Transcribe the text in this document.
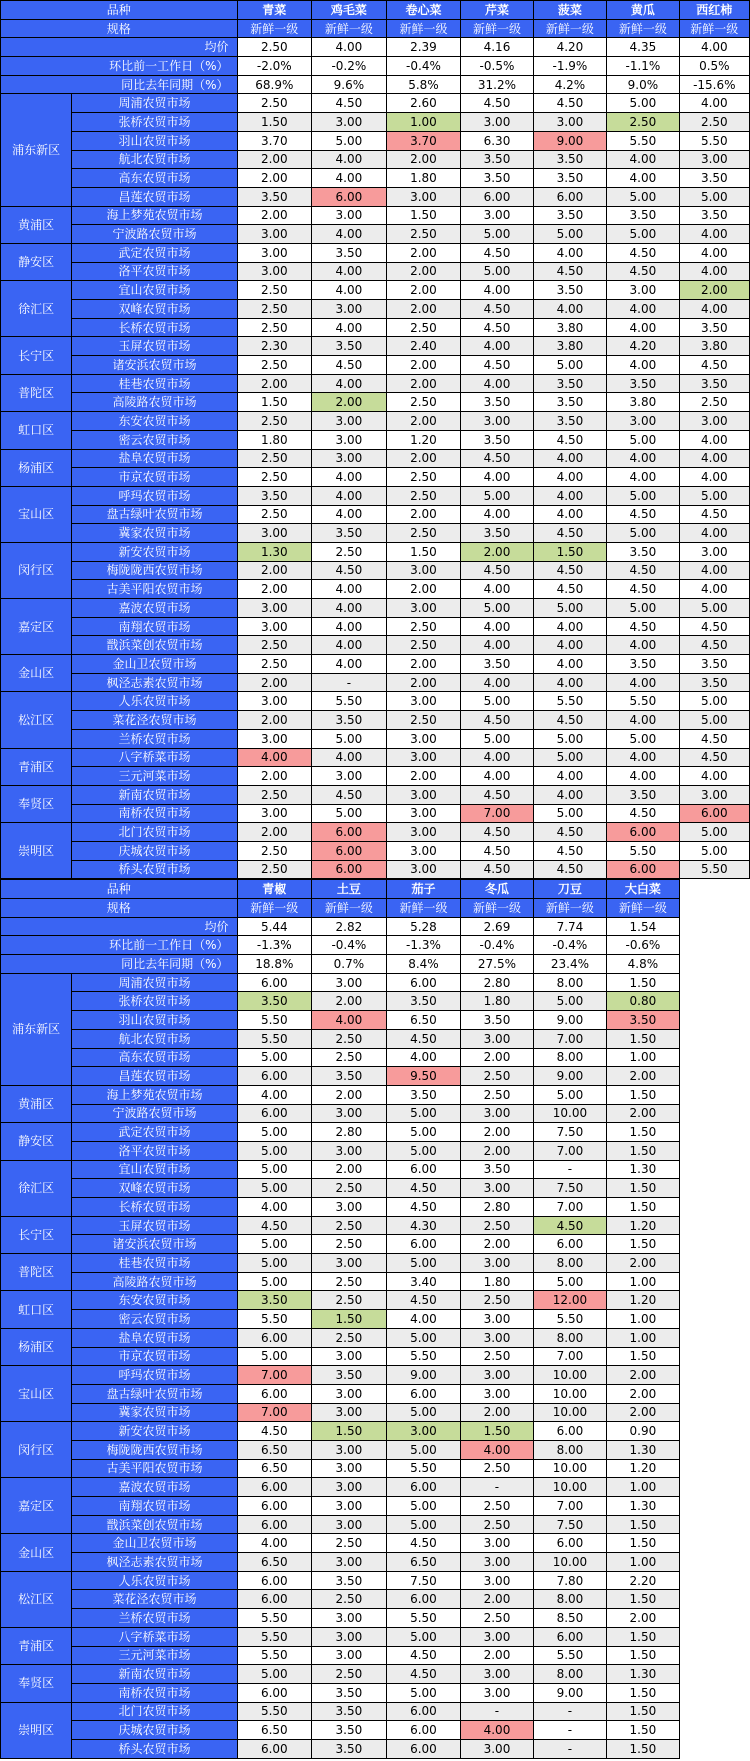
品种		青菜	鸡毛菜	卷心菜	芹菜	菠菜	黄瓜	西红柿
规格		新鲜一级	新鲜一级	新鲜一级	新鲜一级	新鲜一级	新鲜一级	新鲜一级
均价		2.50	4.00	2.39	4.16	4.20	4.35	4.00
环比前一工作日（%）		-2.0%	-0.2%	-0.4%	-0.5%	-1.9%	-1.1%	0.5%
同比去年同期（%）		68.9%	9.6%	5.8%	31.2%	4.2%	9.0%	-15.6%
浦东新区	周浦农贸市场	2.50	4.50	2.60	4.50	4.50	5.00	4.00
	张桥农贸市场	1.50	3.00	1.00	3.00	3.00	2.50	2.50
	羽山农贸市场	3.70	5.00	3.70	6.30	9.00	5.50	5.50
	航北农贸市场	2.00	4.00	2.00	3.50	3.50	4.00	3.00
	高东农贸市场	2.00	4.00	1.80	3.50	3.50	4.00	3.50
	昌莲农贸市场	3.50	6.00	3.00	6.00	6.00	5.00	5.00
黄浦区	海上梦苑农贸市场	2.00	3.00	1.50	3.00	3.50	3.50	3.50
	宁波路农贸市场	3.00	4.00	2.50	5.00	5.00	5.00	4.00
静安区	武定农贸市场	3.00	3.50	2.00	4.50	4.00	4.50	4.00
	洛平农贸市场	3.00	4.00	2.00	5.00	4.50	4.50	4.00
徐汇区	宜山农贸市场	2.50	4.00	2.00	4.00	3.50	3.00	2.00
	双峰农贸市场	2.50	3.00	2.00	4.50	4.00	4.00	4.00
	长桥农贸市场	2.50	4.00	2.50	4.50	3.80	4.00	3.50
长宁区	玉屏农贸市场	2.30	3.50	2.40	4.00	3.80	4.20	3.80
	诸安浜农贸市场	2.50	4.50	2.00	4.50	5.00	4.00	4.50
普陀区	桂巷农贸市场	2.00	4.00	2.00	4.00	3.50	3.50	3.50
	高陵路农贸市场	1.50	2.00	2.50	3.50	3.50	3.80	2.50
虹口区	东安农贸市场	2.50	3.00	2.00	3.00	3.50	3.00	3.00
	密云农贸市场	1.80	3.00	1.20	3.50	4.50	5.00	4.00
杨浦区	盐阜农贸市场	2.50	3.00	2.00	4.50	4.00	4.00	4.00
	市京农贸市场	2.50	4.00	2.50	4.00	4.00	4.00	4.00
宝山区	呼玛农贸市场	3.50	4.00	2.50	5.00	4.00	5.00	5.00
	盘古绿叶农贸市场	2.50	4.00	2.00	4.00	4.00	4.50	4.50
	冀家农贸市场	3.00	3.50	2.50	3.50	4.50	5.00	4.00
闵行区	新安农贸市场	1.30	2.50	1.50	2.00	1.50	3.50	3.00
	梅陇陇西农贸市场	2.00	4.50	3.00	4.50	4.50	4.50	4.00
	古美平阳农贸市场	2.00	4.00	2.00	4.00	4.50	4.50	4.00
嘉定区	嘉波农贸市场	3.00	4.00	3.00	5.00	5.00	5.00	5.00
	南翔农贸市场	3.00	4.00	2.50	4.00	4.00	4.50	4.50
	戬浜菜创农贸市场	2.50	4.00	2.50	4.00	4.00	4.00	4.50
金山区	金山卫农贸市场	2.50	4.00	2.00	3.50	4.00	3.50	3.50
	枫泾志素农贸市场	2.00	-	2.00	4.00	4.00	4.00	3.50
松江区	人乐农贸市场	3.00	5.50	3.00	5.00	5.50	5.50	5.00
	菜花泾农贸市场	2.00	3.50	2.50	4.50	4.50	4.00	5.00
	兰桥农贸市场	3.00	5.00	3.00	5.00	5.00	5.00	4.50
青浦区	八字桥菜市场	4.00	4.00	3.00	4.00	5.00	4.00	4.50
	三元河菜市场	2.00	3.00	2.00	4.00	4.00	4.00	4.00
奉贤区	新南农贸市场	2.50	4.50	3.00	4.50	4.00	3.50	3.00
	南桥农贸市场	3.00	5.00	3.00	7.00	5.00	4.50	6.00
崇明区	北门农贸市场	2.00	6.00	3.00	4.50	4.50	6.00	5.00
	庆城农贸市场	2.50	6.00	3.00	4.50	4.50	5.50	5.00
	桥头农贸市场	2.50	6.00	3.00	4.50	4.50	6.00	5.50
品种		青椒	土豆	茄子	冬瓜	刀豆	大白菜	
规格		新鲜一级	新鲜一级	新鲜一级	新鲜一级	新鲜一级	新鲜一级	
均价		5.44	2.82	5.28	2.69	7.74	1.54	
环比前一工作日（%）		-1.3%	-0.4%	-1.3%	-0.4%	-0.4%	-0.6%	
同比去年同期（%）		18.8%	0.7%	8.4%	27.5%	23.4%	4.8%	
浦东新区	周浦农贸市场	6.00	3.00	6.00	2.80	8.00	1.50	
	张桥农贸市场	3.50	2.00	3.50	1.80	5.00	0.80	
	羽山农贸市场	5.50	4.00	6.50	3.50	9.00	3.50	
	航北农贸市场	5.50	2.50	4.50	3.00	7.00	1.50	
	高东农贸市场	5.00	2.50	4.00	2.00	8.00	1.00	
	昌莲农贸市场	6.00	3.50	9.50	2.50	9.00	2.00	
黄浦区	海上梦苑农贸市场	4.00	2.00	3.50	2.50	5.00	1.50	
	宁波路农贸市场	6.00	3.00	5.00	3.00	10.00	2.00	
静安区	武定农贸市场	5.00	2.80	5.00	2.00	7.50	1.50	
	洛平农贸市场	5.00	3.00	5.00	2.00	7.00	1.50	
徐汇区	宜山农贸市场	5.00	2.00	6.00	3.50	-	1.30	
	双峰农贸市场	5.00	2.50	4.50	3.00	7.50	1.50	
	长桥农贸市场	4.00	3.00	4.50	2.80	7.00	1.50	
长宁区	玉屏农贸市场	4.50	2.50	4.30	2.50	4.50	1.20	
	诸安浜农贸市场	5.00	2.50	6.00	2.00	6.00	1.50	
普陀区	桂巷农贸市场	5.00	3.00	5.00	3.00	8.00	2.00	
	高陵路农贸市场	5.00	2.50	3.40	1.80	5.00	1.00	
虹口区	东安农贸市场	3.50	2.50	4.50	2.50	12.00	1.20	
	密云农贸市场	5.50	1.50	4.00	3.00	5.50	1.00	
杨浦区	盐阜农贸市场	6.00	2.50	5.00	3.00	8.00	1.00	
	市京农贸市场	5.00	3.00	5.50	2.50	7.00	1.50	
宝山区	呼玛农贸市场	7.00	3.50	9.00	3.00	10.00	2.00	
	盘古绿叶农贸市场	6.00	3.00	6.00	3.00	10.00	2.00	
	冀家农贸市场	7.00	3.00	5.00	2.00	10.00	2.00	
闵行区	新安农贸市场	4.50	1.50	3.00	1.50	6.00	0.90	
	梅陇陇西农贸市场	6.50	3.00	5.00	4.00	8.00	1.30	
	古美平阳农贸市场	6.50	3.00	5.50	2.50	10.00	1.20	
嘉定区	嘉波农贸市场	6.00	3.00	6.00	-	10.00	1.00	
	南翔农贸市场	6.00	3.00	5.00	2.50	7.00	1.30	
	戬浜菜创农贸市场	6.00	3.00	5.00	2.50	7.50	1.50	
金山区	金山卫农贸市场	4.00	2.50	4.50	3.00	6.00	1.50	
	枫泾志素农贸市场	6.50	3.00	6.50	3.00	10.00	1.00	
松江区	人乐农贸市场	6.00	3.50	7.50	3.00	7.80	2.20	
	菜花泾农贸市场	6.00	2.50	6.00	2.00	8.00	1.50	
	兰桥农贸市场	5.50	3.00	5.50	2.50	8.50	2.00	
青浦区	八字桥菜市场	5.50	3.00	5.00	3.00	6.00	1.50	
	三元河菜市场	5.50	3.00	4.50	2.00	5.50	1.50	
奉贤区	新南农贸市场	5.00	2.50	4.50	3.00	8.00	1.30	
	南桥农贸市场	6.00	3.50	5.00	3.00	9.00	1.50	
崇明区	北门农贸市场	5.50	3.50	6.00	-	-	1.50	
	庆城农贸市场	6.50	3.50	6.00	4.00	-	1.50	
	桥头农贸市场	6.00	3.50	6.00	3.00	-	1.50	
